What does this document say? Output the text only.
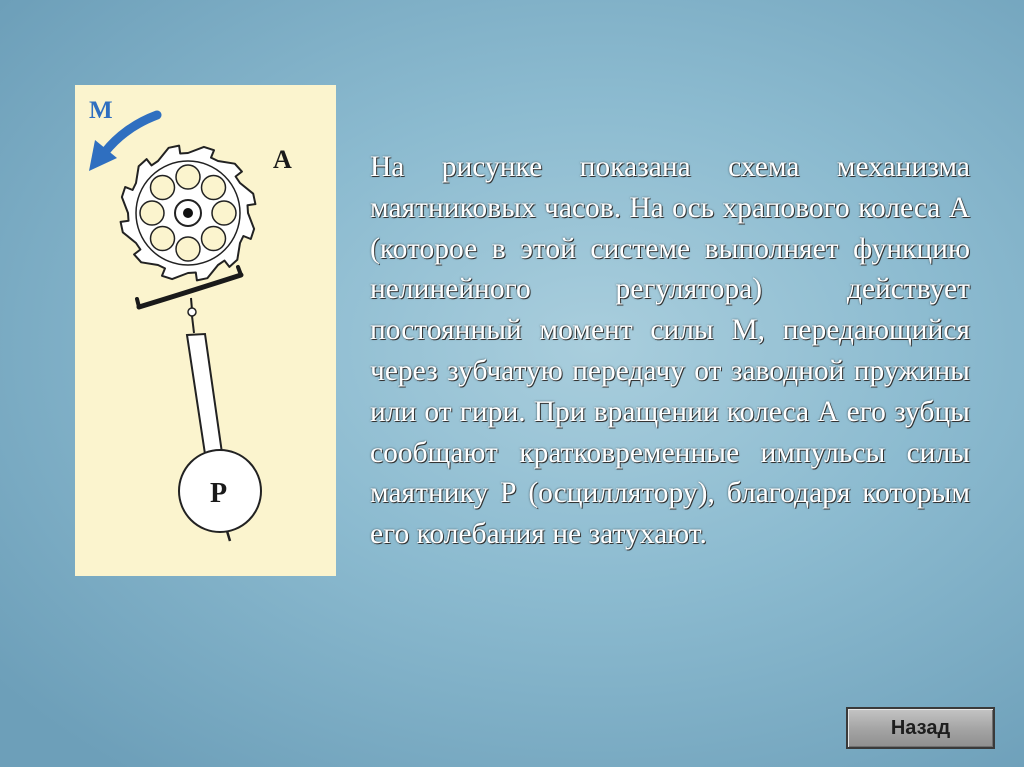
M
A
P

На рисунке показана схема механизма маятниковых часов. На ось храпового колеса А (которое в этой системе выполняет функцию нелинейного регулятора) действует постоянный момент силы М, передающийся через зубчатую передачу от заводной пружины или от гири. При вращении колеса А его зубцы сообщают кратковременные импульсы силы маятнику Р (осциллятору), благодаря которым его колебания не затухают.

Назад
